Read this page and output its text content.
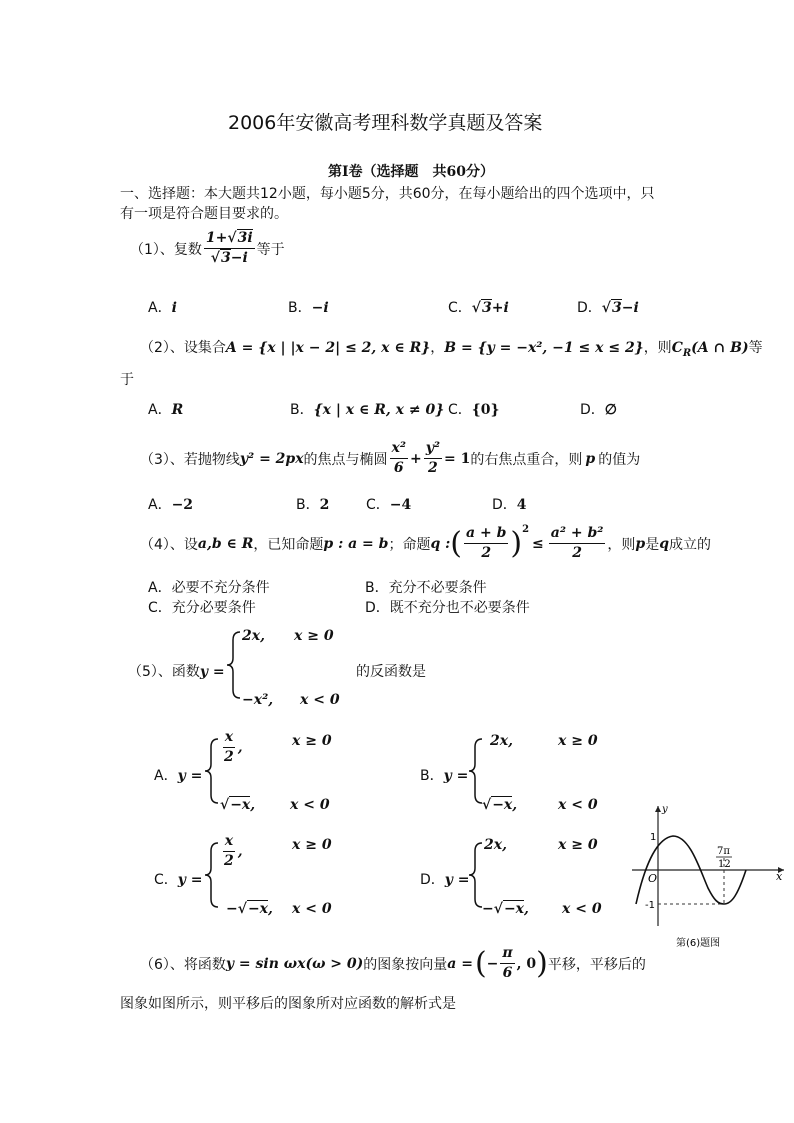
2006年安徽高考理科数学真题及答案
第Ⅰ卷（选择题　共60分）
一、选择题：本大题共12小题，每小题5分，共60分，在每小题给出的四个选项中，只
有一项是符合题目要求的。
（1）、复数 $\frac{1+√3i}{√3-i}$ 等于
A．i	B．−i	C．√3+i	D．√3−i
（2）、设集合A = {x | |x − 2| ≤ 2, x ∈ R}，B = {y = −x², −1 ≤ x ≤ 2}，则$C_R(A$ ∩ B)等
于
A．R	B．{x | x ∈ R, x ≠ 0} C．{0}	D．∅
（3）、若抛物线 y² = 2px 的焦点与椭圆 $\frac{\text{x²}}{6} + \frac{\text{y²}}{2} = 1$ 的右焦点重合，则 p 的值为
A．−2	B．2	C．−4	D．4
（4）、设 a,b ∈ R ，已知命题 p : a = b ；命题 q : ( $\frac{a + b}{2} )^2$
≤ $\frac{\text{a² + b²}}{2}$ ，则 p 是 q 成立的
A．必要不充分条件	B．充分不必要条件
C．充分必要条件	D．既不充分也不必要条件
（5）、函数y =
2x, x ≥ 0
−x², x < 0
的反函数是
A．y =
$\frac{x}{2}$ ,	x ≥ 0
√−x, x < 0
B．y =
2x,	x ≥ 0
√−x,	x < 0
C．y =
$\frac{x}{2}$ ,	x ≥ 0
−√−x, x < 0
D．y =
2x,	x ≥ 0
−√−x, x < 0
（6）、将函数 y = sin ωx(ω > 0) 的图象按向量 a = ( − $\frac{\pi}{6}$ , 0 ) 平移，平移后的
图象如图所示，则平移后的图象所对应函数的解析式是
y
x
O
1
-1
7π
12
第(6)题图
